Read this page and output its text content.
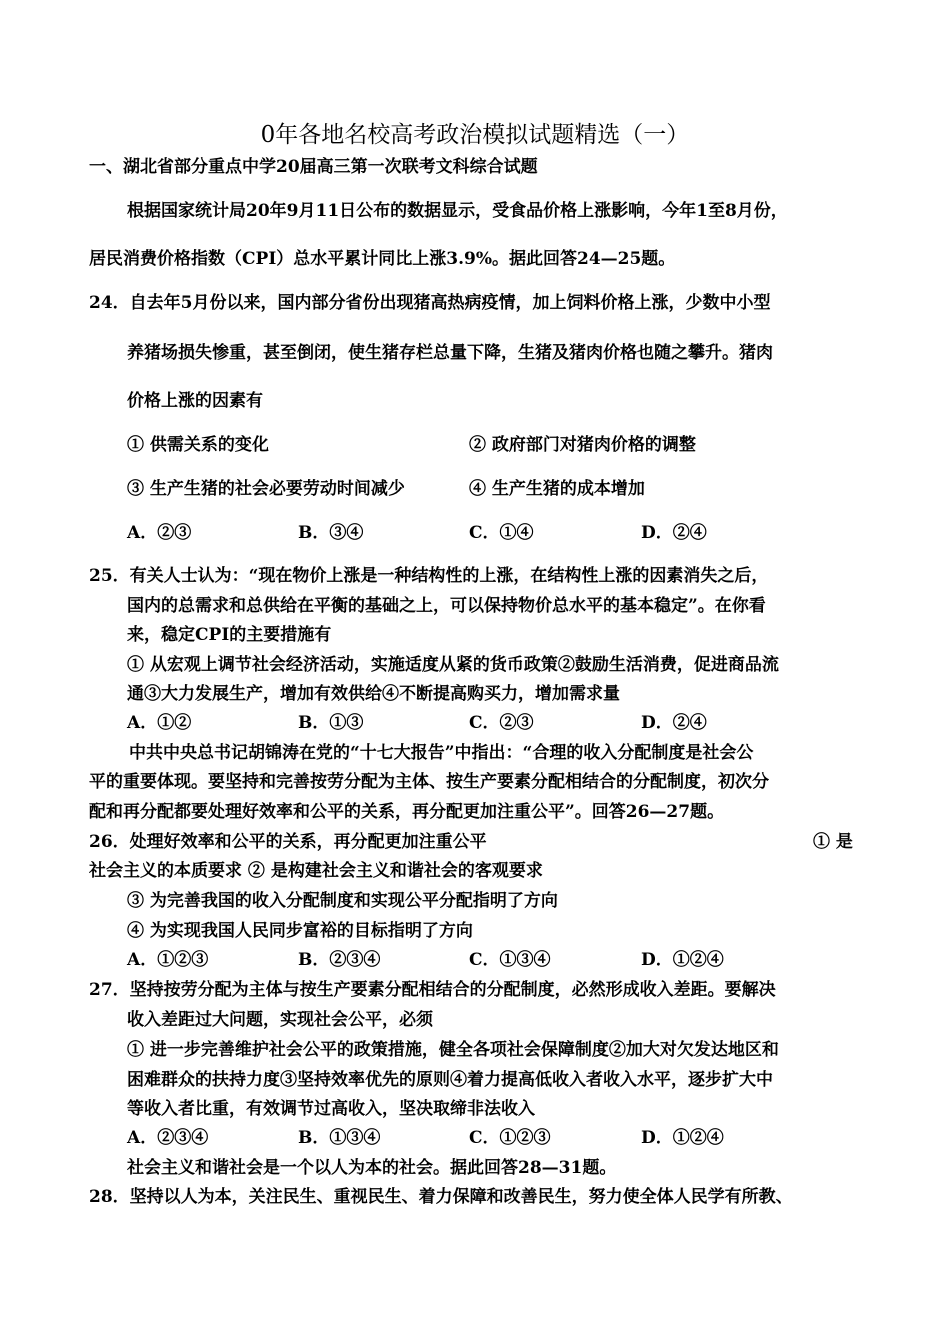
0年各地名校高考政治模拟试题精选（一）
一、湖北省部分重点中学20届高三第一次联考文科综合试题
根据国家统计局20年9月11日公布的数据显示，受食品价格上涨影响，今年1至8月份，
居民消费价格指数（CPI）总水平累计同比上涨3.9%。据此回答24—25题。
24．自去年5月份以来，国内部分省份出现猪高热病疫情，加上饲料价格上涨，少数中小型
养猪场损失惨重，甚至倒闭，使生猪存栏总量下降，生猪及猪肉价格也随之攀升。猪肉
价格上涨的因素有
① 供需关系的变化	② 政府部门对猪肉价格的调整
③ 生产生猪的社会必要劳动时间减少	④ 生产生猪的成本增加
A．②③	B．③④	C．①④	D．②④
25．有关人士认为：“现在物价上涨是一种结构性的上涨，在结构性上涨的因素消失之后，
国内的总需求和总供给在平衡的基础之上，可以保持物价总水平的基本稳定”。在你看
来，稳定CPI的主要措施有
① 从宏观上调节社会经济活动，实施适度从紧的货币政策②鼓励生活消费，促进商品流
通③大力发展生产，增加有效供给④不断提高购买力，增加需求量
A．①②	B．①③	C．②③	D．②④
中共中央总书记胡锦涛在党的“十七大报告”中指出：“合理的收入分配制度是社会公
平的重要体现。要坚持和完善按劳分配为主体、按生产要素分配相结合的分配制度，初次分
配和再分配都要处理好效率和公平的关系，再分配更加注重公平”。回答26—27题。
26．处理好效率和公平的关系，再分配更加注重公平	① 是
社会主义的本质要求 ② 是构建社会主义和谐社会的客观要求
③ 为完善我国的收入分配制度和实现公平分配指明了方向
④ 为实现我国人民同步富裕的目标指明了方向
A．①②③	B．②③④	C．①③④	D．①②④
27．坚持按劳分配为主体与按生产要素分配相结合的分配制度，必然形成收入差距。要解决
收入差距过大问题，实现社会公平，必须
① 进一步完善维护社会公平的政策措施，健全各项社会保障制度②加大对欠发达地区和
困难群众的扶持力度③坚持效率优先的原则④着力提高低收入者收入水平，逐步扩大中
等收入者比重，有效调节过高收入，坚决取缔非法收入
A．②③④	B．①③④	C．①②③	D．①②④
社会主义和谐社会是一个以人为本的社会。据此回答28—31题。
28．坚持以人为本，关注民生、重视民生、着力保障和改善民生，努力使全体人民学有所教、
